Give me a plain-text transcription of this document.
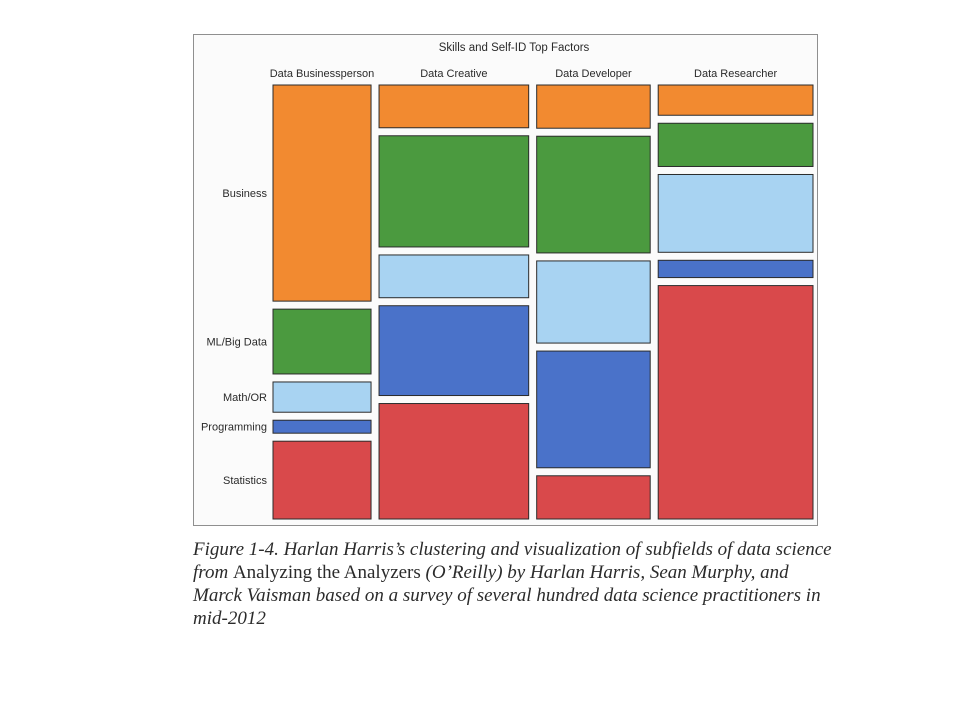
Skills and Self-ID Top Factors
Data Businessperson	Data Creative	Data Developer	Data Researcher
Business
ML/Big Data
Math/OR
Programming
Statistics

Figure 1-4. Harlan Harris’s clustering and visualization of subfields of data science from Analyzing the Analyzers (O’Reilly) by Harlan Harris, Sean Murphy, and Marck Vaisman based on a survey of several hundred data science practitioners in mid-2012
